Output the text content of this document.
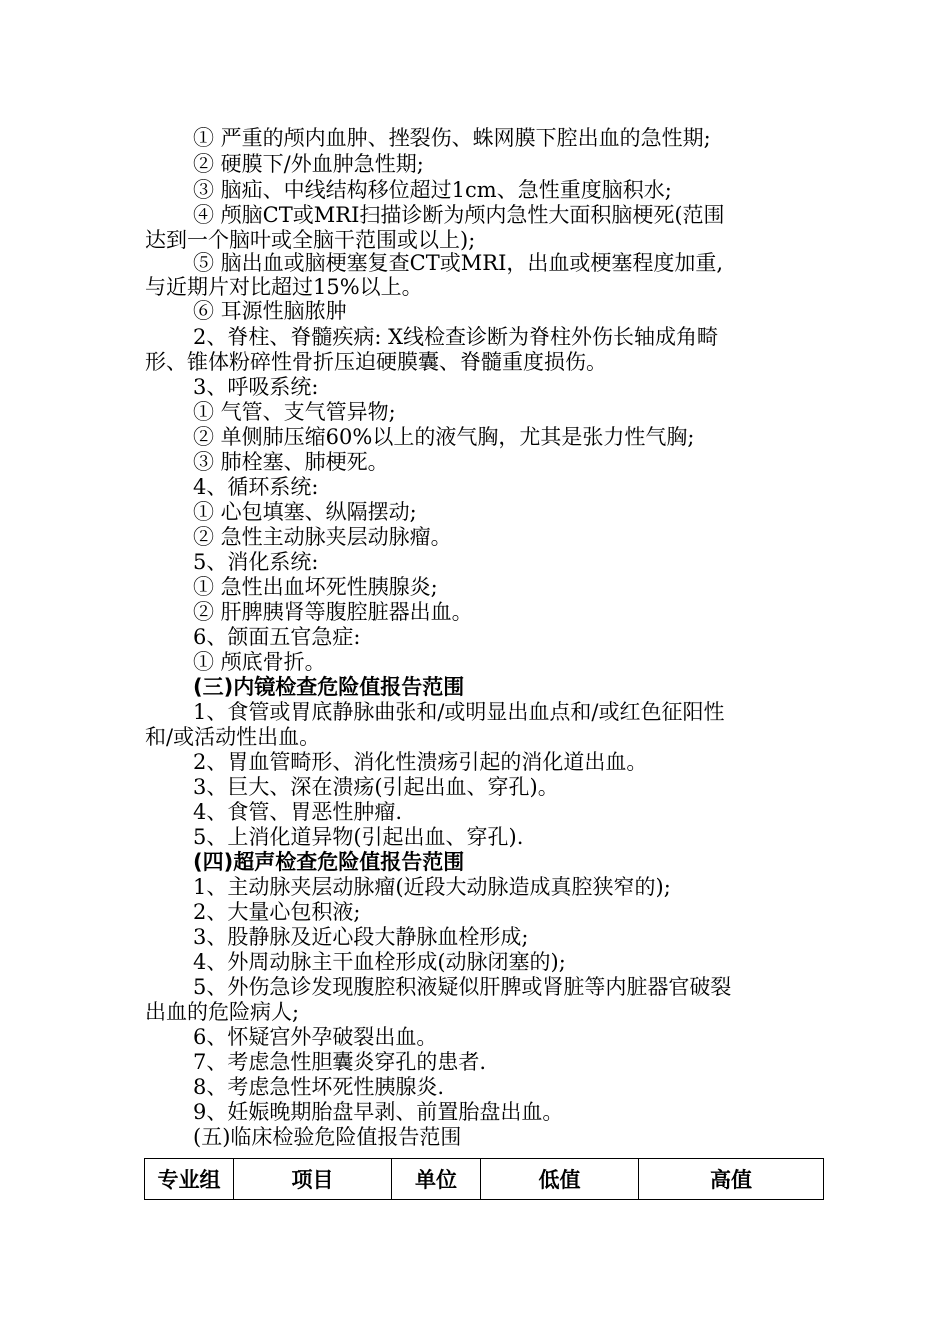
① 严重的颅内血肿、挫裂伤、蛛网膜下腔出血的急性期;
② 硬膜下/外血肿急性期;
③ 脑疝、中线结构移位超过1cm、急性重度脑积水;
④ 颅脑CT或MRI扫描诊断为颅内急性大面积脑梗死(范围
达到一个脑叶或全脑干范围或以上);
⑤ 脑出血或脑梗塞复查CT或MRI，出血或梗塞程度加重,
与近期片对比超过15%以上。
⑥ 耳源性脑脓肿
2、脊柱、脊髓疾病: X线检查诊断为脊柱外伤长轴成角畸
形、锥体粉碎性骨折压迫硬膜囊、脊髓重度损伤。
3、呼吸系统:
① 气管、支气管异物;
② 单侧肺压缩60%以上的液气胸，尤其是张力性气胸;
③ 肺栓塞、肺梗死。
4、循环系统:
① 心包填塞、纵隔摆动;
② 急性主动脉夹层动脉瘤。
5、消化系统:
① 急性出血坏死性胰腺炎;
② 肝脾胰肾等腹腔脏器出血。
6、颌面五官急症:
① 颅底骨折。
(三)内镜检查危险值报告范围
1、食管或胃底静脉曲张和/或明显出血点和/或红色征阳性
和/或活动性出血。
2、胃血管畸形、消化性溃疡引起的消化道出血。
3、巨大、深在溃疡(引起出血、穿孔)。
4、食管、胃恶性肿瘤.
5、上消化道异物(引起出血、穿孔).
(四)超声检查危险值报告范围
1、主动脉夹层动脉瘤(近段大动脉造成真腔狭窄的);
2、大量心包积液;
3、股静脉及近心段大静脉血栓形成;
4、外周动脉主干血栓形成(动脉闭塞的);
5、外伤急诊发现腹腔积液疑似肝脾或肾脏等内脏器官破裂
出血的危险病人;
6、怀疑宫外孕破裂出血。
7、考虑急性胆囊炎穿孔的患者.
8、考虑急性坏死性胰腺炎.
9、妊娠晚期胎盘早剥、前置胎盘出血。
(五)临床检验危险值报告范围
专业组	项目	单位	低值	高值
